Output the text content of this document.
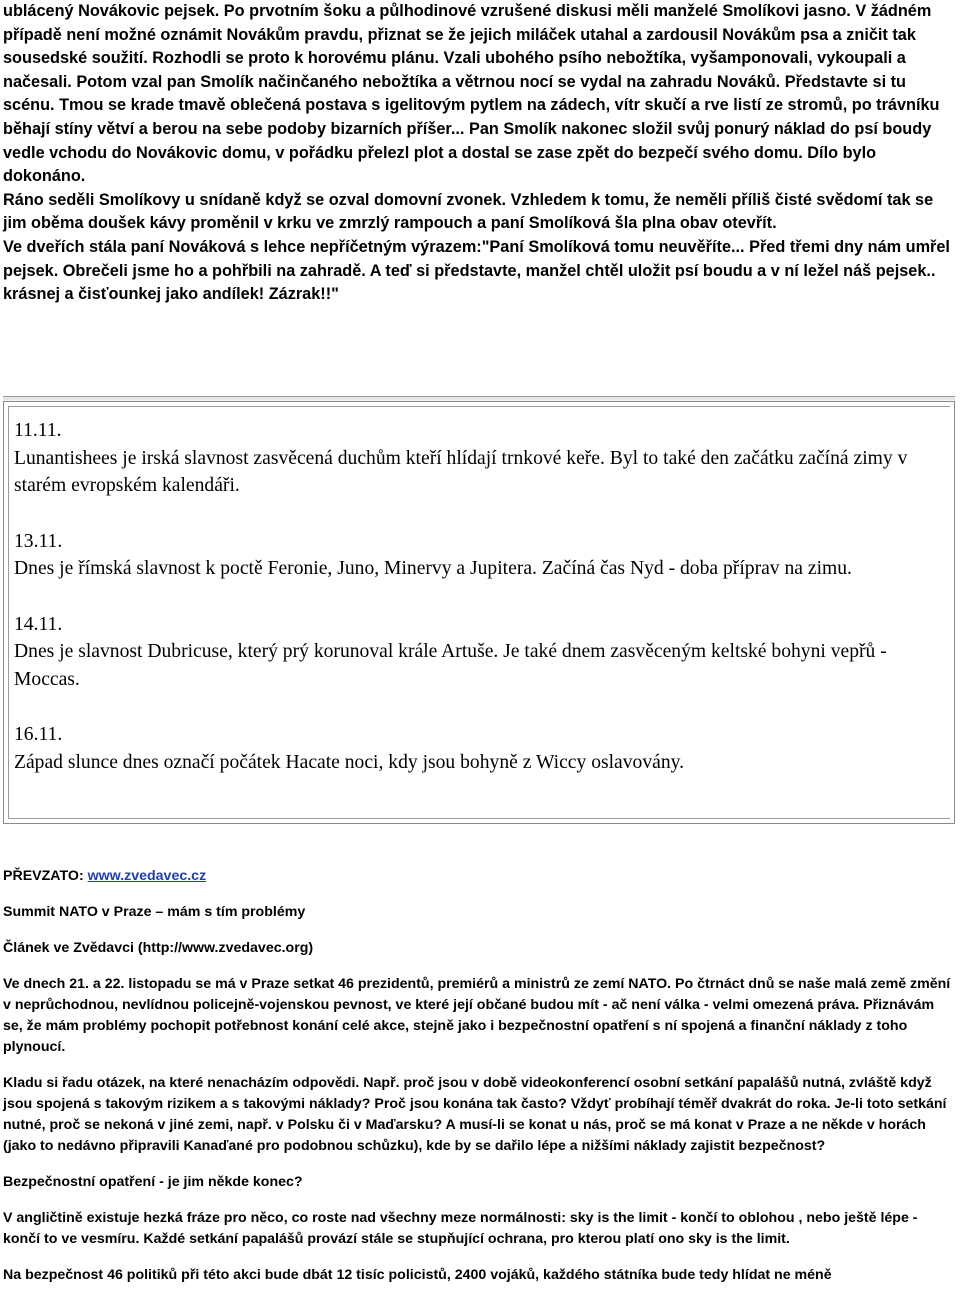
ublácený Novákovic pejsek. Po prvotním šoku a půlhodinové vzrušené diskusi měli manželé Smolíkovi jasno. V žádném případě není možné oznámit Novákům pravdu, přiznat se že jejich miláček utahal a zardousil Novákům psa a zničit tak sousedské soužití. Rozhodli se proto k horovému plánu. Vzali ubohého psího nebožtíka, vyšamponovali, vykoupali a načesali. Potom vzal pan Smolík načinčaného nebožtíka a větrnou nocí se vydal na zahradu Nováků. Představte si tu scénu. Tmou se krade tmavě oblečená postava s igelitovým pytlem na zádech, vítr skučí a rve listí ze stromů, po trávníku běhají stíny větví a berou na sebe podoby bizarních příšer... Pan Smolík nakonec složil svůj ponurý náklad do psí boudy vedle vchodu do Novákovic domu, v pořádku přelezl plot a dostal se zase zpět do bezpečí svého domu. Dílo bylo dokonáno.

Ráno seděli Smolíkovy u snídaně když se ozval domovní zvonek. Vzhledem k tomu, že neměli příliš čisté svědomí tak se jim oběma doušek kávy proměnil v krku ve zmrzlý rampouch a paní Smolíková šla plna obav otevřít.

Ve dveřích stála paní Nováková s lehce nepříčetným výrazem:"Paní Smolíková tomu neuvěříte... Před třemi dny nám umřel pejsek. Obrečeli jsme ho a pohřbili na zahradě. A teď si představte, manžel chtěl uložit psí boudu a v ní ležel náš pejsek.. krásnej a čisťounkej jako andílek! Zázrak!!"

11.11.
Lunantishees je irská slavnost zasvěcená duchům kteří hlídají trnkové keře. Byl to také den začátku začíná zimy v starém evropském kalendáři.
13.11.
Dnes je římská slavnost k poctě Feronie, Juno, Minervy a Jupitera. Začíná čas Nyd - doba příprav na zimu.
14.11.
Dnes je slavnost Dubricuse, který prý korunoval krále Artuše. Je také dnem zasvěceným keltské bohyni vepřů - Moccas.
16.11.
Západ slunce dnes označí počátek Hacate noci, kdy jsou bohyně z Wiccy oslavovány.

PŘEVZATO: www.zvedavec.cz

Summit NATO v Praze – mám s tím problémy

Článek ve Zvědavci (http://www.zvedavec.org)

Ve dnech 21. a 22. listopadu se má v Praze setkat 46 prezidentů, premiérů a ministrů ze zemí NATO. Po čtrnáct dnů se naše malá země změní v neprůchodnou, nevlídnou policejně-vojenskou pevnost, ve které její občané budou mít - ač není válka - velmi omezená práva. Přiznávám se, že mám problémy pochopit potřebnost konání celé akce, stejně jako i bezpečnostní opatření s ní spojená a finanční náklady z toho plynoucí.

Kladu si řadu otázek, na které nenacházím odpovědi. Např. proč jsou v době videokonferencí osobní setkání papalášů nutná, zvláště když jsou spojená s takovým rizikem a s takovými náklady? Proč jsou konána tak často? Vždyť probíhají téměř dvakrát do roka. Je-li toto setkání nutné, proč se nekoná v jiné zemi, např. v Polsku či v Maďarsku? A musí-li se konat u nás, proč se má konat v Praze a ne někde v horách (jako to nedávno připravili Kanaďané pro podobnou schůzku), kde by se dařilo lépe a nižšími náklady zajistit bezpečnost?

Bezpečnostní opatření - je jim někde konec?

V angličtině existuje hezká fráze pro něco, co roste nad všechny meze normálnosti: sky is the limit - končí to oblohou , nebo ještě lépe - končí to ve vesmíru. Každé setkání papalášů provází stále se stupňující ochrana, pro kterou platí ono sky is the limit.

Na bezpečnost 46 politiků při této akci bude dbát 12 tisíc policistů, 2400 vojáků, každého státníka bude tedy hlídat ne méně
